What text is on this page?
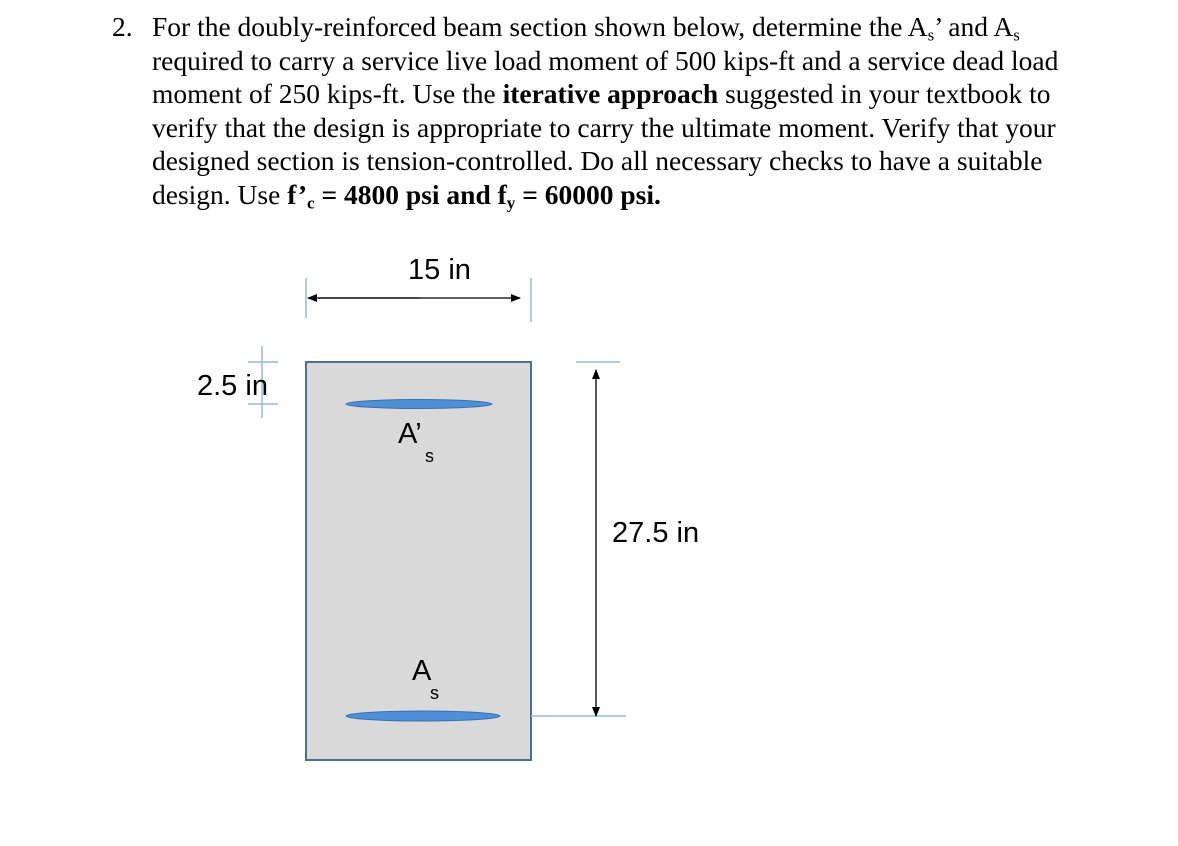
2. For the doubly-reinforced beam section shown below, determine the $A_s$’ and $A_s$
required to carry a service live load moment of 500 kips-ft and a service dead load
moment of 250 kips-ft. Use the iterative approach suggested in your textbook to
verify that the design is appropriate to carry the ultimate moment. Verify that your
designed section is tension-controlled. Do all necessary checks to have a suitable
design. Use $f’_c = 4800$ psi and $f_y = 60000$ psi.
15 in
2.5 in
27.5 in
A’
s
A
s
